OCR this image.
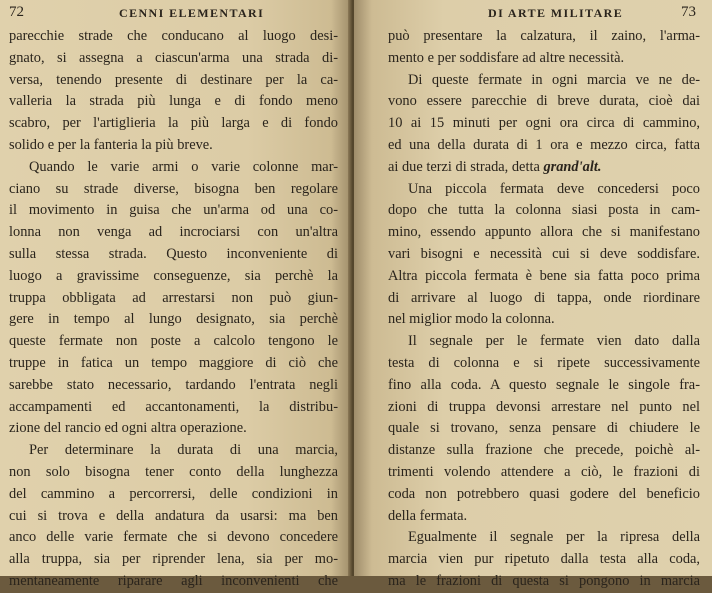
72	CENNI ELEMENTARI
parecchie strade che conducano al luogo desi-
gnato, si assegna a ciascun'arma una strada di-
versa, tenendo presente di destinare per la ca-
valleria la strada più lunga e di fondo meno
scabro, per l'artiglieria la più larga e di fondo
solido e per la fanteria la più breve.
Quando le varie armi o varie colonne mar-
ciano su strade diverse, bisogna ben regolare
il movimento in guisa che un'arma od una co-
lonna non venga ad incrociarsi con un'altra
sulla stessa strada. Questo inconveniente di
luogo a gravissime conseguenze, sia perchè la
truppa obbligata ad arrestarsi non può giun-
gere in tempo al lungo designato, sia perchè
queste fermate non poste a calcolo tengono le
truppe in fatica un tempo maggiore di ciò che
sarebbe stato necessario, tardando l'entrata negli
accampamenti ed accantonamenti, la distribu-
zione del rancio ed ogni altra operazione.
Per determinare la durata di una marcia,
non solo bisogna tener conto della lunghezza
del cammino a percorrersi, delle condizioni in
cui si trova e della andatura da usarsi: ma ben
anco delle varie fermate che si devono concedere
alla truppa, sia per riprender lena, sia per mo-
mentaneamente riparare agli inconvenienti che
DI ARTE MILITARE	73
può presentare la calzatura, il zaino, l'arma-
mento e per soddisfare ad altre necessità.
Di queste fermate in ogni marcia ve ne de-
vono essere parecchie di breve durata, cioè dai
10 ai 15 minuti per ogni ora circa di cammino,
ed una della durata di 1 ora e mezzo circa, fatta
ai due terzi di strada, detta grand'alt.
Una piccola fermata deve concedersi poco
dopo che tutta la colonna siasi posta in cam-
mino, essendo appunto allora che si manifestano
vari bisogni e necessità cui si deve soddisfare.
Altra piccola fermata è bene sia fatta poco prima
di arrivare al luogo di tappa, onde riordinare
nel miglior modo la colonna.
Il segnale per le fermate vien dato dalla
testa di colonna e si ripete successivamente
fino alla coda. A questo segnale le singole fra-
zioni di truppa devonsi arrestare nel punto nel
quale si trovano, senza pensare di chiudere le
distanze sulla frazione che precede, poichè al-
trimenti volendo attendere a ciò, le frazioni di
coda non potrebbero quasi godere del beneficio
della fermata.
Egualmente il segnale per la ripresa della
marcia vien pur ripetuto dalla testa alla coda,
ma le frazioni di questa si pongono in marcia
